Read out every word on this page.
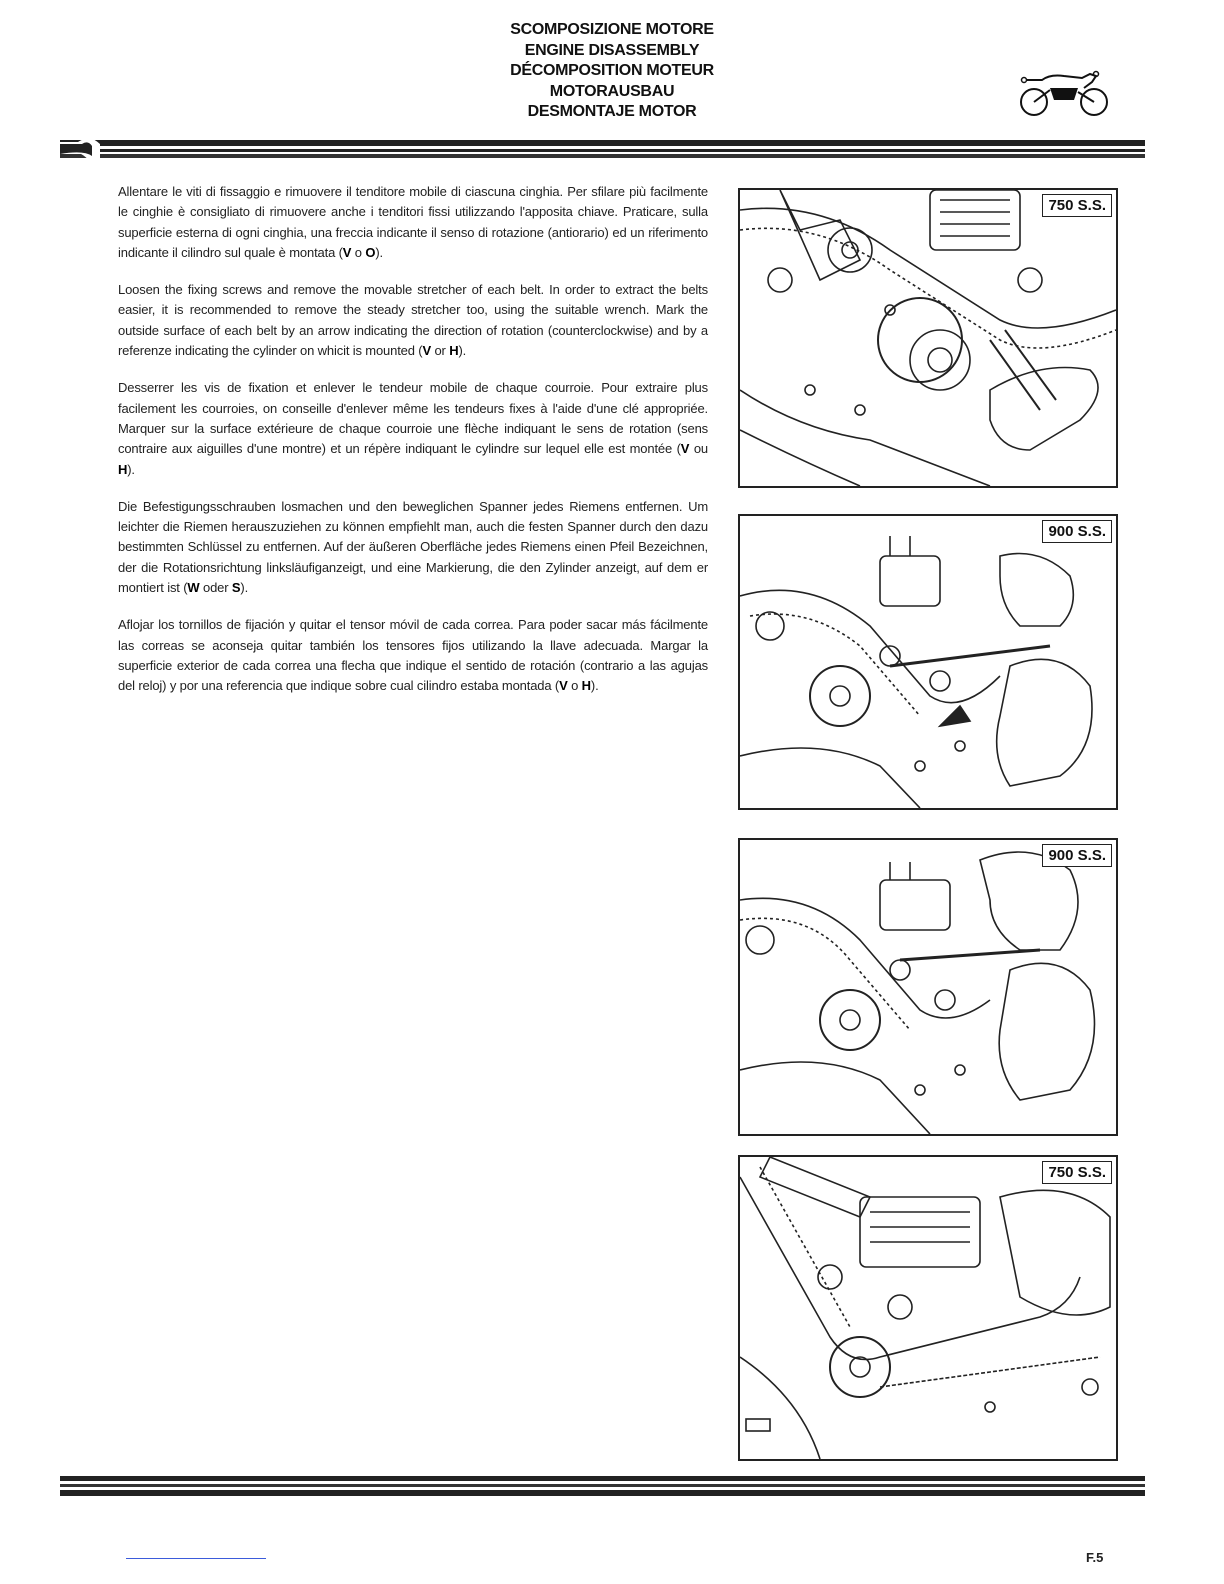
SCOMPOSIZIONE MOTORE
ENGINE DISASSEMBLY
DÉCOMPOSITION MOTEUR
MOTORAUSBAU
DESMONTAJE MOTOR

Allentare le viti di fissaggio e rimuovere il tenditore mobile di ciascuna cinghia. Per sfilare più facilmente le cinghie è consigliato di rimuovere anche i tenditori fissi utilizzando l'apposita chiave. Praticare, sulla superficie esterna di ogni cinghia, una freccia indicante il senso di rotazione (antiorario) ed un riferimento indicante il cilindro sul quale è montata (V o O).

Loosen the fixing screws and remove the movable stretcher of each belt. In order to extract the belts easier, it is recommended to remove the steady stretcher too, using the suitable wrench. Mark the outside surface of each belt by an arrow indicating the direction of rotation (counterclockwise) and by a referenze indicating the cylinder on whicit is mounted (V or H).

Desserrer les vis de fixation et enlever le tendeur mobile de chaque courroie. Pour extraire plus facilement les courroies, on conseille d'enlever même les tendeurs fixes à l'aide d'une clé appropriée. Marquer sur la surface extérieure de chaque courroie une flèche indiquant le sens de rotation (sens contraire aux aiguilles d'une montre) et un répère indiquant le cylindre sur lequel elle est montée (V ou H).

Die Befestigungsschrauben losmachen und den beweglichen Spanner jedes Riemens entfernen. Um leichter die Riemen herauszuziehen zu können empfiehlt man, auch die festen Spanner durch den dazu bestimmten Schlüssel zu entfernen. Auf der äußeren Oberfläche jedes Riemens einen Pfeil Bezeichnen, der die Rotationsrichtung linksläufiganzeigt, und eine Markierung, die den Zylinder anzeigt, auf dem er montiert ist (W oder S).

Aflojar los tornillos de fijación y quitar el tensor móvil de cada correa. Para poder sacar más fácilmente las correas se aconseja quitar también los tensores fijos utilizando la llave adecuada. Margar la superficie exterior de cada correa una flecha que indique el sentido de rotación (contrario a las agujas del reloj) y por una referencia que indique sobre cual cilindro estaba montada (V o H).

750 S.S.
900 S.S.
900 S.S.
750 S.S.
F.5
